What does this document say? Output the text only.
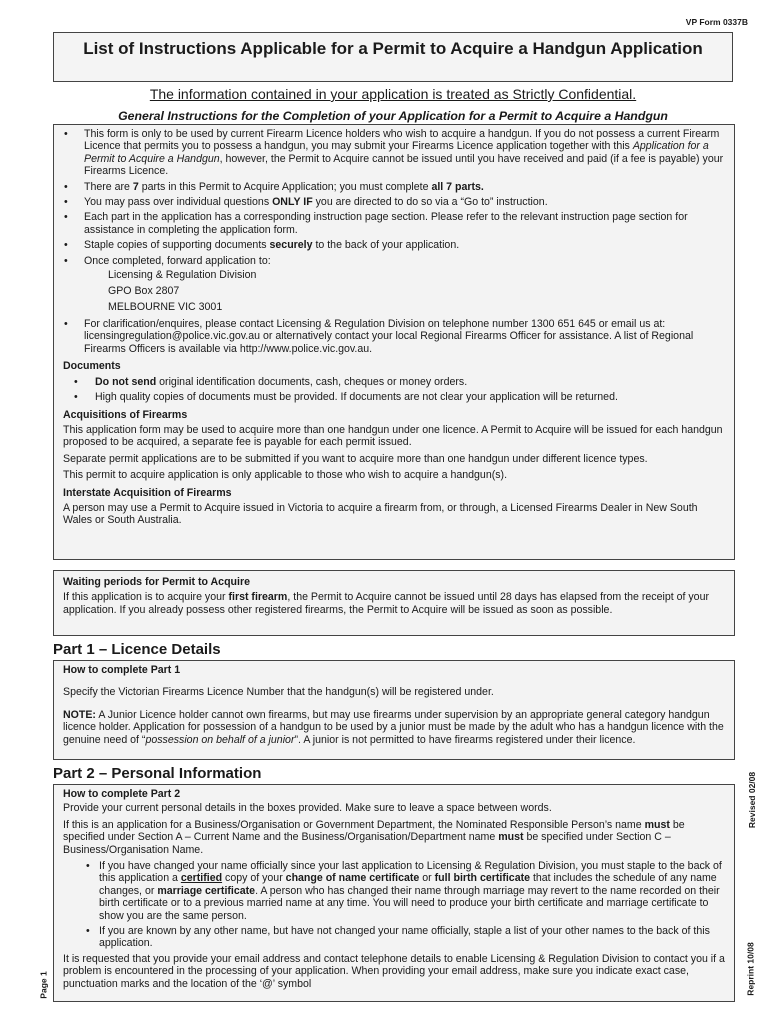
VP Form 0337B
List of Instructions Applicable for a Permit to Acquire a Handgun Application
The information contained in your application is treated as Strictly Confidential.
General Instructions for the Completion of your Application for a Permit to Acquire a Handgun
• This form is only to be used by current Firearm Licence holders who wish to acquire a handgun. If you do not possess a current Firearm Licence that permits you to possess a handgun, you may submit your Firearms Licence application together with this Application for a Permit to Acquire a Handgun, however, the Permit to Acquire cannot be issued until you have received and paid (if a fee is payable) your Firearms Licence.
• There are 7 parts in this Permit to Acquire Application; you must complete all 7 parts.
• You may pass over individual questions ONLY IF you are directed to do so via a “Go to” instruction.
• Each part in the application has a corresponding instruction page section. Please refer to the relevant instruction page section for assistance in completing the application form.
• Staple copies of supporting documents securely to the back of your application.
• Once completed, forward application to:
Licensing & Regulation Division
GPO Box 2807
MELBOURNE VIC 3001
• For clarification/enquires, please contact Licensing & Regulation Division on telephone number 1300 651 645 or email us at: licensingregulation@police.vic.gov.au or alternatively contact your local Regional Firearms Officer for assistance. A list of Regional Firearms Officers is available via http://www.police.vic.gov.au.
Documents
• Do not send original identification documents, cash, cheques or money orders.
• High quality copies of documents must be provided. If documents are not clear your application will be returned.
Acquisitions of Firearms

This application form may be used to acquire more than one handgun under one licence. A Permit to Acquire will be issued for each handgun proposed to be acquired, a separate fee is payable for each permit issued.

Separate permit applications are to be submitted if you want to acquire more than one handgun under different licence types.

This permit to acquire application is only applicable to those who wish to acquire a handgun(s).

Interstate Acquisition of Firearms

A person may use a Permit to Acquire issued in Victoria to acquire a firearm from, or through, a Licensed Firearms Dealer in New South Wales or South Australia.

Waiting periods for Permit to Acquire

If this application is to acquire your first firearm, the Permit to Acquire cannot be issued until 28 days has elapsed from the receipt of your application. If you already possess other registered firearms, the Permit to Acquire will be issued as soon as possible.

Part 1 – Licence Details
How to complete Part 1

Specify the Victorian Firearms Licence Number that the handgun(s) will be registered under.

NOTE: A Junior Licence holder cannot own firearms, but may use firearms under supervision by an appropriate general category handgun licence holder. Application for possession of a handgun to be used by a junior must be made by the adult who has a handgun licence with the genuine need of “possession on behalf of a junior”. A junior is not permitted to have firearms registered under their licence.

Part 2 – Personal Information
How to complete Part 2

Provide your current personal details in the boxes provided. Make sure to leave a space between words.

If this is an application for a Business/Organisation or Government Department, the Nominated Responsible Person’s name must be specified under Section A – Current Name and the Business/Organisation/Department name must be specified under Section C – Business/Organisation Name.

• If you have changed your name officially since your last application to Licensing & Regulation Division, you must staple to the back of this application a certified copy of your change of name certificate or full birth certificate that includes the schedule of any name changes, or marriage certificate. A person who has changed their name through marriage may revert to the name recorded on their birth certificate or to a previous married name at any time. You will need to produce your birth certificate and marriage certificate to show you are the same person.
• If you are known by any other name, but have not changed your name officially, staple a list of your other names to the back of this application.

It is requested that you provide your email address and contact telephone details to enable Licensing & Regulation Division to contact you if a problem is encountered in the processing of your application. When providing your email address, make sure you indicate exact case, punctuation marks and the location of the ‘@’ symbol

Revised 02/08
Reprint 10/08
Page 1
